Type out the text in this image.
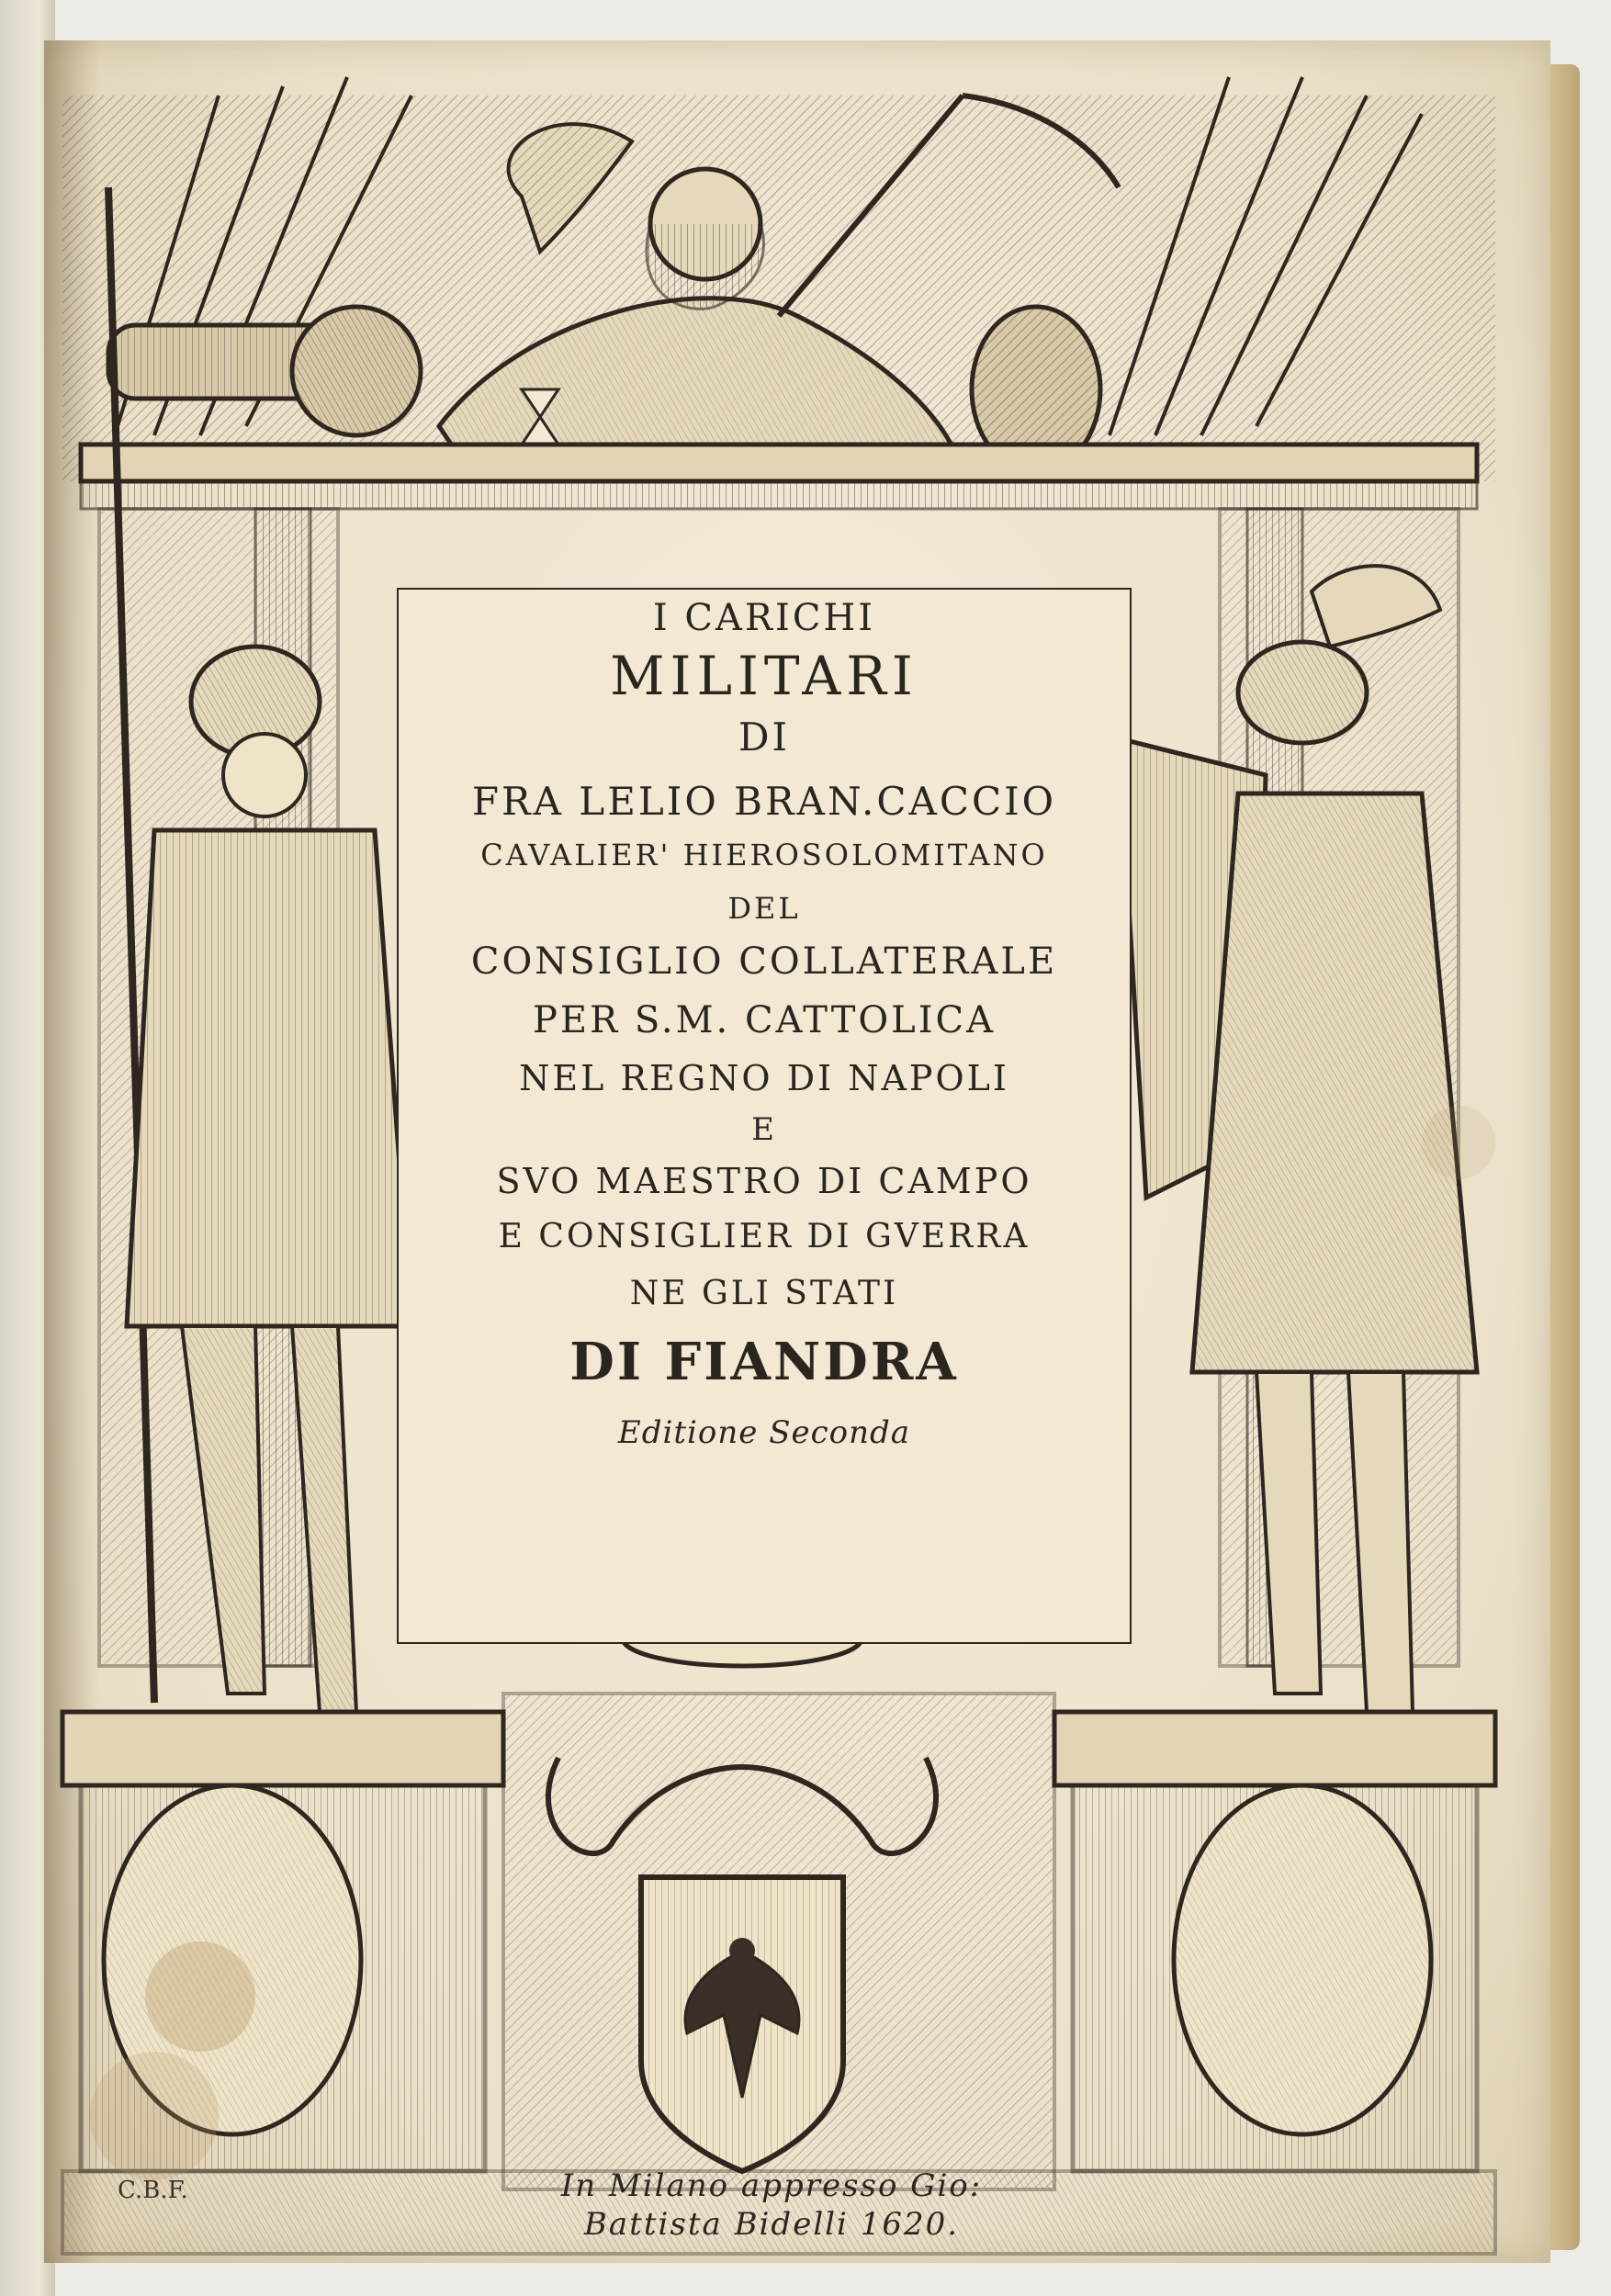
I CARICHI
MILITARI
DI
FRA LELIO BRAN.CACCIO
CAVALIER' HIEROSOLOMITANO
DEL
CONSIGLIO COLLATERALE
PER S.M. CATTOLICA
NEL REGNO DI NAPOLI
E
SVO MAESTRO DI CAMPO
E CONSIGLIER DI GVERRA
NE GLI STATI
DI FIANDRA
Editione Seconda
C.B.F.	In Milano appresso Gio:
Battista Bidelli 1620.
